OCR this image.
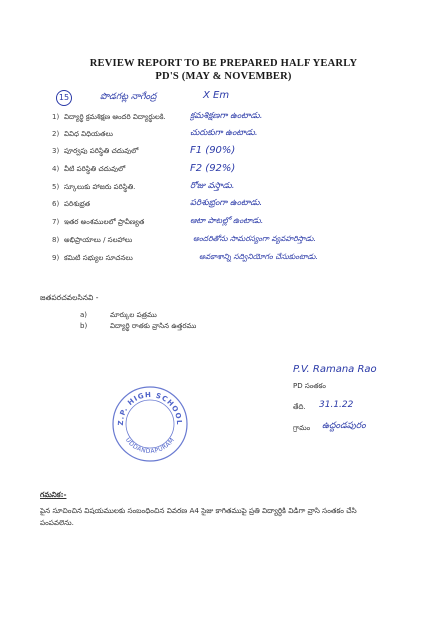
REVIEW REPORT TO BE PREPARED HALF YEARLY
PD'S (MAY & NOVEMBER)
15	పొడగట్ల నాగేంద్ర	X Em
1) విద్యార్థి క్రమశిక్షణ ఆందరి విద్యార్థులకి.	క్రమశిక్షణగా ఉంటాడు.
2) వివిధ విధియతలు	చురుకుగా ఉంటాడు.
3) పూర్వపు పరిస్థితి చదువులో	F1 (90%)
4) వీటి పరిస్థితి చదువులో	F2 (92%)
5) స్కూలుకు హాజరు పరిస్థితి.	రోజు వస్తాడు.
6) పరిశుభ్రత	పరిశుభ్రంగా ఉంటాడు.
7) ఇతర అంశములలో ప్రావీణ్యత	ఆటా పాటల్లో ఉంటాడు.
8) అభిప్రాయాలు / సలహాలు	అందరితోను సామరస్యంగా వ్యవహరిస్తాడు.
9) కమిటి సభ్యుల సూచనలు	అవకాశాన్ని సద్వినియోగం చేసుకుంటాడు.
జతపరచవలసినవి -
a)	మార్కుల పత్రము
b)	విద్యార్థి రాతకు వ్రాసిన ఉత్తరము
Z.P. HIGH SCHOOL
UDDANDAPURAM
P.V. Ramana Rao
PD సంతకం
తేది. 31.1.22
గ్రామం ఉద్దండపురం
గమనిక:-
పైన సూచించిన విషయములకు సంబంధించిన వివరణ A4 సైజు కాగితముపై ప్రతి విద్యార్థికి విడిగా వ్రాసి సంతకం చేసి
పంపవలెను.
